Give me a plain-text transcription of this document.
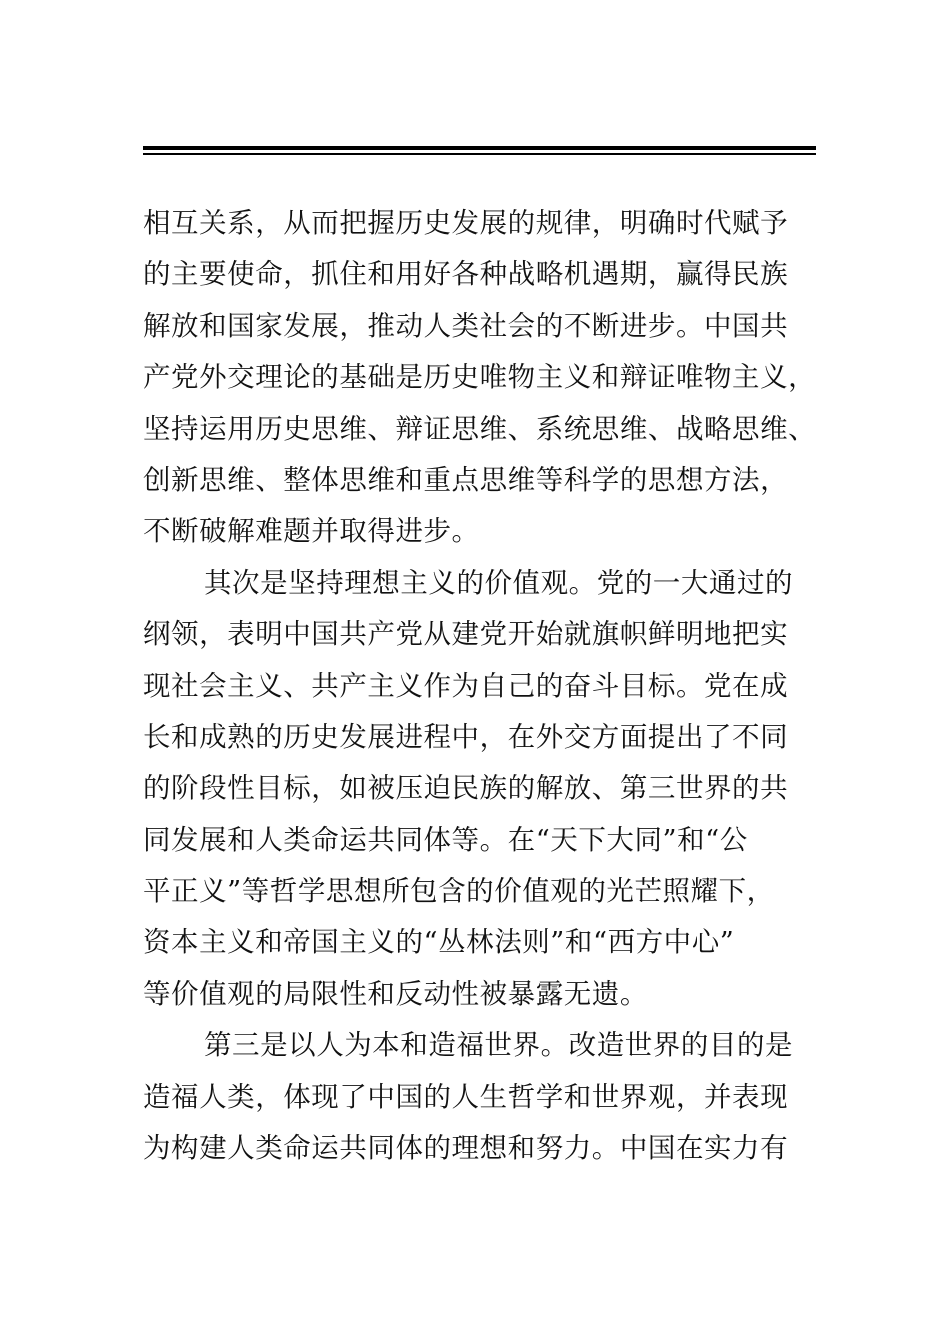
相互关系，从而把握历史发展的规律，明确时代赋予
的主要使命，抓住和用好各种战略机遇期，赢得民族
解放和国家发展，推动人类社会的不断进步。中国共
产党外交理论的基础是历史唯物主义和辩证唯物主义，
坚持运用历史思维、辩证思维、系统思维、战略思维、
创新思维、整体思维和重点思维等科学的思想方法，
不断破解难题并取得进步。
其次是坚持理想主义的价值观。党的一大通过的
纲领，表明中国共产党从建党开始就旗帜鲜明地把实
现社会主义、共产主义作为自己的奋斗目标。党在成
长和成熟的历史发展进程中，在外交方面提出了不同
的阶段性目标，如被压迫民族的解放、第三世界的共
同发展和人类命运共同体等。在“天下大同”和“公
平正义”等哲学思想所包含的价值观的光芒照耀下，
资本主义和帝国主义的“丛林法则”和“西方中心”
等价值观的局限性和反动性被暴露无遗。
第三是以人为本和造福世界。改造世界的目的是
造福人类，体现了中国的人生哲学和世界观，并表现
为构建人类命运共同体的理想和努力。中国在实力有
